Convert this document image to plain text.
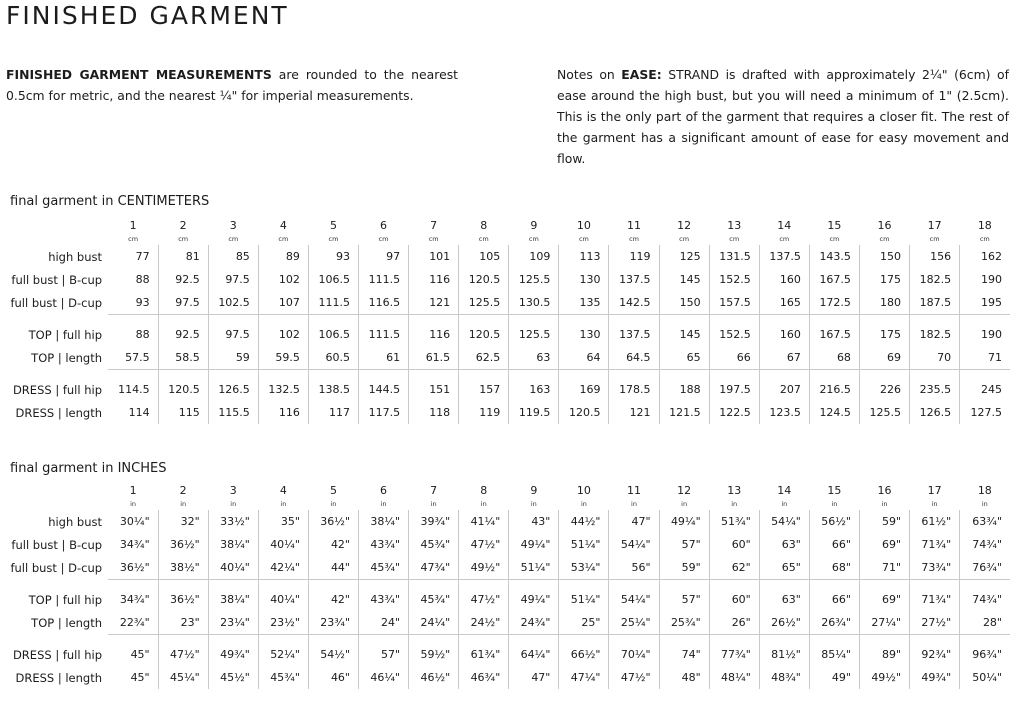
FINISHED GARMENT
FINISHED GARMENT MEASUREMENTS are rounded to the nearest 0.5cm for metric, and the nearest ¼" for imperial measurements.
Notes on EASE: STRAND is drafted with approximately 2¼" (6cm) of ease around the high bust, but you will need a minimum of 1" (2.5cm). This is the only part of the garment that requires a closer fit. The rest of the garment has a significant amount of ease for easy movement and flow.
final garment in CENTIMETERS
	1	2	3	4	5	6	7	8	9	10	11	12	13	14	15	16	17	18
	cm	cm	cm	cm	cm	cm	cm	cm	cm	cm	cm	cm	cm	cm	cm	cm	cm	cm
high bust	77	81	85	89	93	97	101	105	109	113	119	125	131.5	137.5	143.5	150	156	162
full bust | B-cup	88	92.5	97.5	102	106.5	111.5	116	120.5	125.5	130	137.5	145	152.5	160	167.5	175	182.5	190
full bust | D-cup	93	97.5	102.5	107	111.5	116.5	121	125.5	130.5	135	142.5	150	157.5	165	172.5	180	187.5	195

TOP | full hip	88	92.5	97.5	102	106.5	111.5	116	120.5	125.5	130	137.5	145	152.5	160	167.5	175	182.5	190
TOP | length	57.5	58.5	59	59.5	60.5	61	61.5	62.5	63	64	64.5	65	66	67	68	69	70	71

DRESS | full hip	114.5	120.5	126.5	132.5	138.5	144.5	151	157	163	169	178.5	188	197.5	207	216.5	226	235.5	245
DRESS | length	114	115	115.5	116	117	117.5	118	119	119.5	120.5	121	121.5	122.5	123.5	124.5	125.5	126.5	127.5
final garment in INCHES
	1	2	3	4	5	6	7	8	9	10	11	12	13	14	15	16	17	18
	in	in	in	in	in	in	in	in	in	in	in	in	in	in	in	in	in	in
high bust	30¼"	32"	33½"	35"	36½"	38¼"	39¾"	41¼"	43"	44½"	47"	49¼"	51¾"	54¼"	56½"	59"	61½"	63¾"
full bust | B-cup	34¾"	36½"	38¼"	40¼"	42"	43¾"	45¾"	47½"	49¼"	51¼"	54¼"	57"	60"	63"	66"	69"	71¾"	74¾"
full bust | D-cup	36½"	38½"	40¼"	42¼"	44"	45¾"	47¾"	49½"	51¼"	53¼"	56"	59"	62"	65"	68"	71"	73¾"	76¾"

TOP | full hip	34¾"	36½"	38¼"	40¼"	42"	43¾"	45¾"	47½"	49¼"	51¼"	54¼"	57"	60"	63"	66"	69"	71¾"	74¾"
TOP | length	22¾"	23"	23¼"	23½"	23¾"	24"	24¼"	24½"	24¾"	25"	25¼"	25¾"	26"	26½"	26¾"	27¼"	27½"	28"

DRESS | full hip	45"	47½"	49¾"	52¼"	54½"	57"	59½"	61¾"	64¼"	66½"	70¼"	74"	77¾"	81½"	85¼"	89"	92¾"	96¾"
DRESS | length	45"	45¼"	45½"	45¾"	46"	46¼"	46½"	46¾"	47"	47¼"	47½"	48"	48¼"	48¾"	49"	49½"	49¾"	50¼"
